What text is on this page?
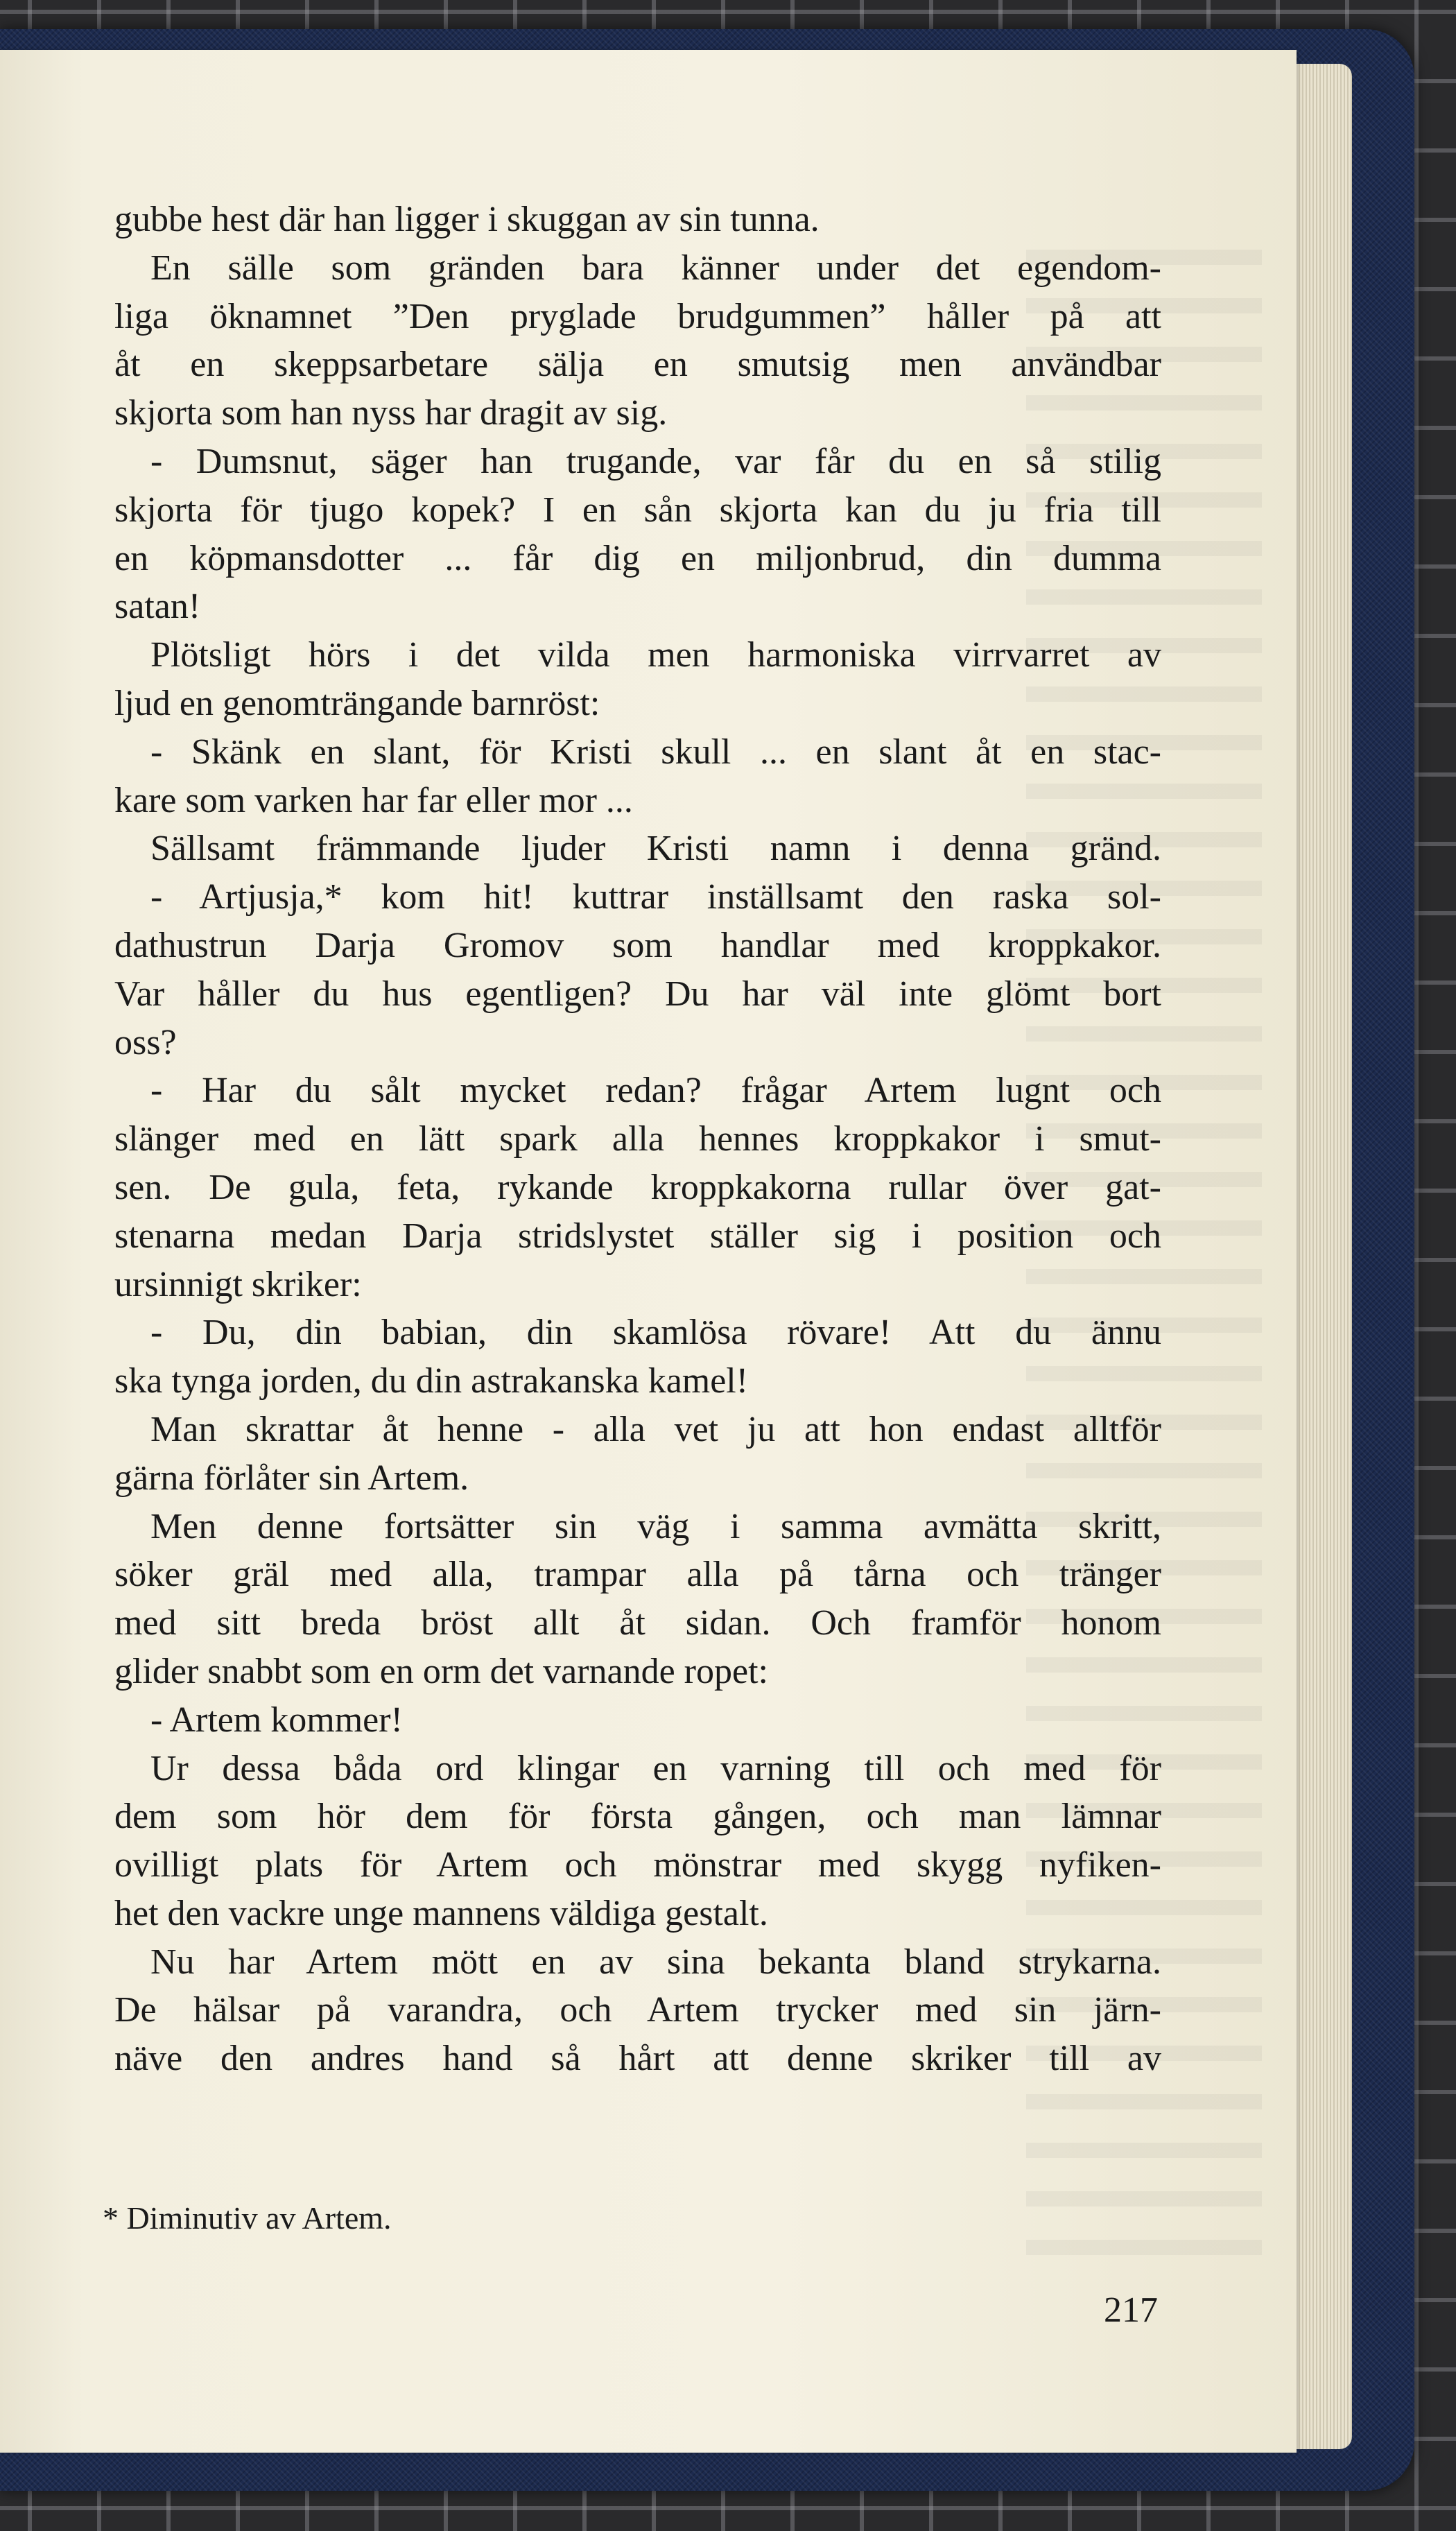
gubbe hest där han ligger i skuggan av sin tunna.

En sälle som gränden bara känner under det egendom-

liga öknamnet ”Den pryglade brudgummen” håller på att

åt en skeppsarbetare sälja en smutsig men användbar

skjorta som han nyss har dragit av sig.

- Dumsnut, säger han trugande, var får du en så stilig

skjorta för tjugo kopek? I en sån skjorta kan du ju fria till

en köpmansdotter ... får dig en miljonbrud, din dumma

satan!

Plötsligt hörs i det vilda men harmoniska virrvarret av

ljud en genomträngande barnröst:

- Skänk en slant, för Kristi skull ... en slant åt en stac-

kare som varken har far eller mor ...

Sällsamt främmande ljuder Kristi namn i denna gränd.

- Artjusja,* kom hit! kuttrar inställsamt den raska sol-

dathustrun Darja Gromov som handlar med kroppkakor.

Var håller du hus egentligen? Du har väl inte glömt bort

oss?

- Har du sålt mycket redan? frågar Artem lugnt och

slänger med en lätt spark alla hennes kroppkakor i smut-

sen. De gula, feta, rykande kroppkakorna rullar över gat-

stenarna medan Darja stridslystet ställer sig i position och

ursinnigt skriker:

- Du, din babian, din skamlösa rövare! Att du ännu

ska tynga jorden, du din astrakanska kamel!

Man skrattar åt henne - alla vet ju att hon endast alltför

gärna förlåter sin Artem.

Men denne fortsätter sin väg i samma avmätta skritt,

söker gräl med alla, trampar alla på tårna och tränger

med sitt breda bröst allt åt sidan. Och framför honom

glider snabbt som en orm det varnande ropet:

- Artem kommer!

Ur dessa båda ord klingar en varning till och med för

dem som hör dem för första gången, och man lämnar

ovilligt plats för Artem och mönstrar med skygg nyfiken-

het den vackre unge mannens väldiga gestalt.

Nu har Artem mött en av sina bekanta bland strykarna.

De hälsar på varandra, och Artem trycker med sin järn-

näve den andres hand så hårt att denne skriker till av

* Diminutiv av Artem.
217
